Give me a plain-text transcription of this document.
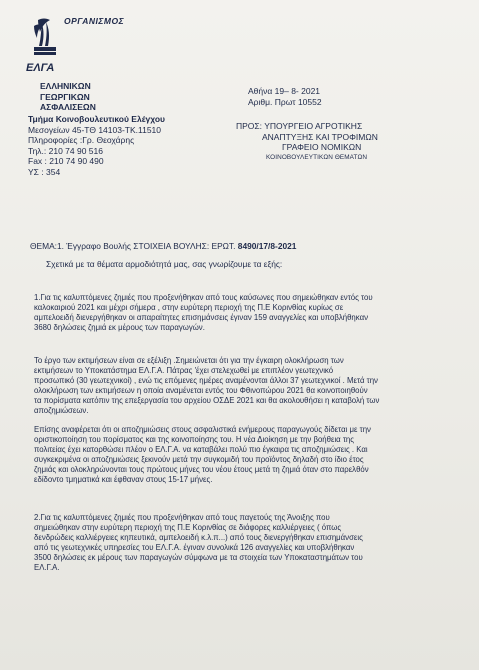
ΟΡΓΑΝΙΣΜΟΣ
ΕΛΓΑ
ΕΛΛΗΝΙΚΩΝ
ΓΕΩΡΓΙΚΩΝ
ΑΣΦΑΛΙΣΕΩΝ
Τμήμα Κοινοβουλευτικού Ελέγχου
Μεσογείων 45-ΤΘ 14103-ΤΚ.11510
Πληροφορίες :Γρ. Θεοχάρης
Τηλ.: 210 74 90 516
Fax : 210 74 90 490
ΥΣ : 354
Αθήνα 19– 8- 2021
Αριθμ. Πρωτ 10552
ΠΡΟΣ: ΥΠΟΥΡΓΕΙΟ ΑΓΡΟΤΙΚΗΣ
ΑΝΑΠΤΥΞΗΣ ΚΑΙ ΤΡΟΦΙΜΩΝ
ΓΡΑΦΕΙΟ ΝΟΜΙΚΩΝ
ΚΟΙΝΟΒΟΥΛΕΥΤΙΚΩΝ ΘΕΜΑΤΩΝ
ΘΕΜΑ:1. Έγγραφο Βουλής ΣΤΟΙΧΕΙΑ ΒΟΥΛΗΣ: ΕΡΩΤ. 8490/17/8-2021
Σχετικά με τα θέματα αρμοδιότητά μας, σας γνωρίζουμε τα εξής:
1.Για τις καλυπτόμενες ζημιές που προξενήθηκαν από τους καύσωνες που σημειώθηκαν εντός του
καλοκαιριού 2021 και μέχρι σήμερα , στην ευρύτερη περιοχή της Π.Ε Κορινθίας κυρίως σε
αμπελοειδή διενεργήθηκαν οι απαραίτητες επισημάνσεις έγιναν 159 αναγγελίες και υποβλήθηκαν
3680 δηλώσεις ζημιά εκ μέρους των παραγωγών.
Το έργο των εκτιμήσεων είναι σε εξέλιξη .Σημειώνεται ότι για την έγκαιρη ολοκλήρωση των
εκτιμήσεων το Υποκατάστημα ΕΛ.Γ.Α. Πάτρας 'έχει στελεχωθεί με επιπλέον γεωτεχνικό
προσωπικό (30 γεωτεχνικοί) , ενώ τις επόμενες ημέρες αναμένονται άλλοι 37 γεωτεχνικοί . Μετά την
ολοκλήρωση των εκτιμήσεων η οποία αναμένεται εντός του Φθινοπώρου 2021 θα κοινοποιηθούν
τα πορίσματα κατόπιν της επεξεργασία του αρχείου ΟΣΔΕ 2021 και θα ακολουθήσει η καταβολή των
αποζημιώσεων.
Επίσης αναφέρεται ότι οι αποζημιώσεις στους ασφαλιστικά ενήμερους παραγωγούς δίδεται με την
οριστικοποίηση του πορίσματος και της κοινοποίησης του. Η νέα Διοίκηση με την βοήθεια της
πολιτείας έχει κατορθώσει πλέον ο ΕΛ.Γ.Α. να καταβάλει πολύ πιο έγκαιρα τις αποζημιώσεις . Και
συγκεκριμένα οι αποζημιώσεις ξεκινούν μετά την συγκομιδή του προϊόντος δηλαδή στο ίδιο έτος
ζημιάς και ολοκληρώνονται τους πρώτους μήνες του νέου έτους μετά τη ζημιά όταν στο παρελθόν
εδίδοντο τμηματικά και έφθαναν στους 15-17 μήνες.
2.Για τις καλυπτόμενες ζημιές που προξενήθηκαν από τους παγετούς της Άνοιξης που
σημειώθηκαν στην ευρύτερη περιοχή της Π.Ε Κορινθίας σε διάφορες καλλιέργειες ( όπως
δενδρώδεις καλλιέργειες κηπευτικά, αμπελοειδή κ.λ.π...) από τους διενεργήθηκαν επισημάνσεις
από τις γεωτεχνικές υπηρεσίες του ΕΛ.Γ.Α. έγιναν συνολικά 126 αναγγελίες και υποβλήθηκαν
3500 δηλώσεις εκ μέρους των παραγωγών σύμφωνα με τα στοιχεία των Υποκαταστημάτων του
ΕΛ.Γ.Α.
